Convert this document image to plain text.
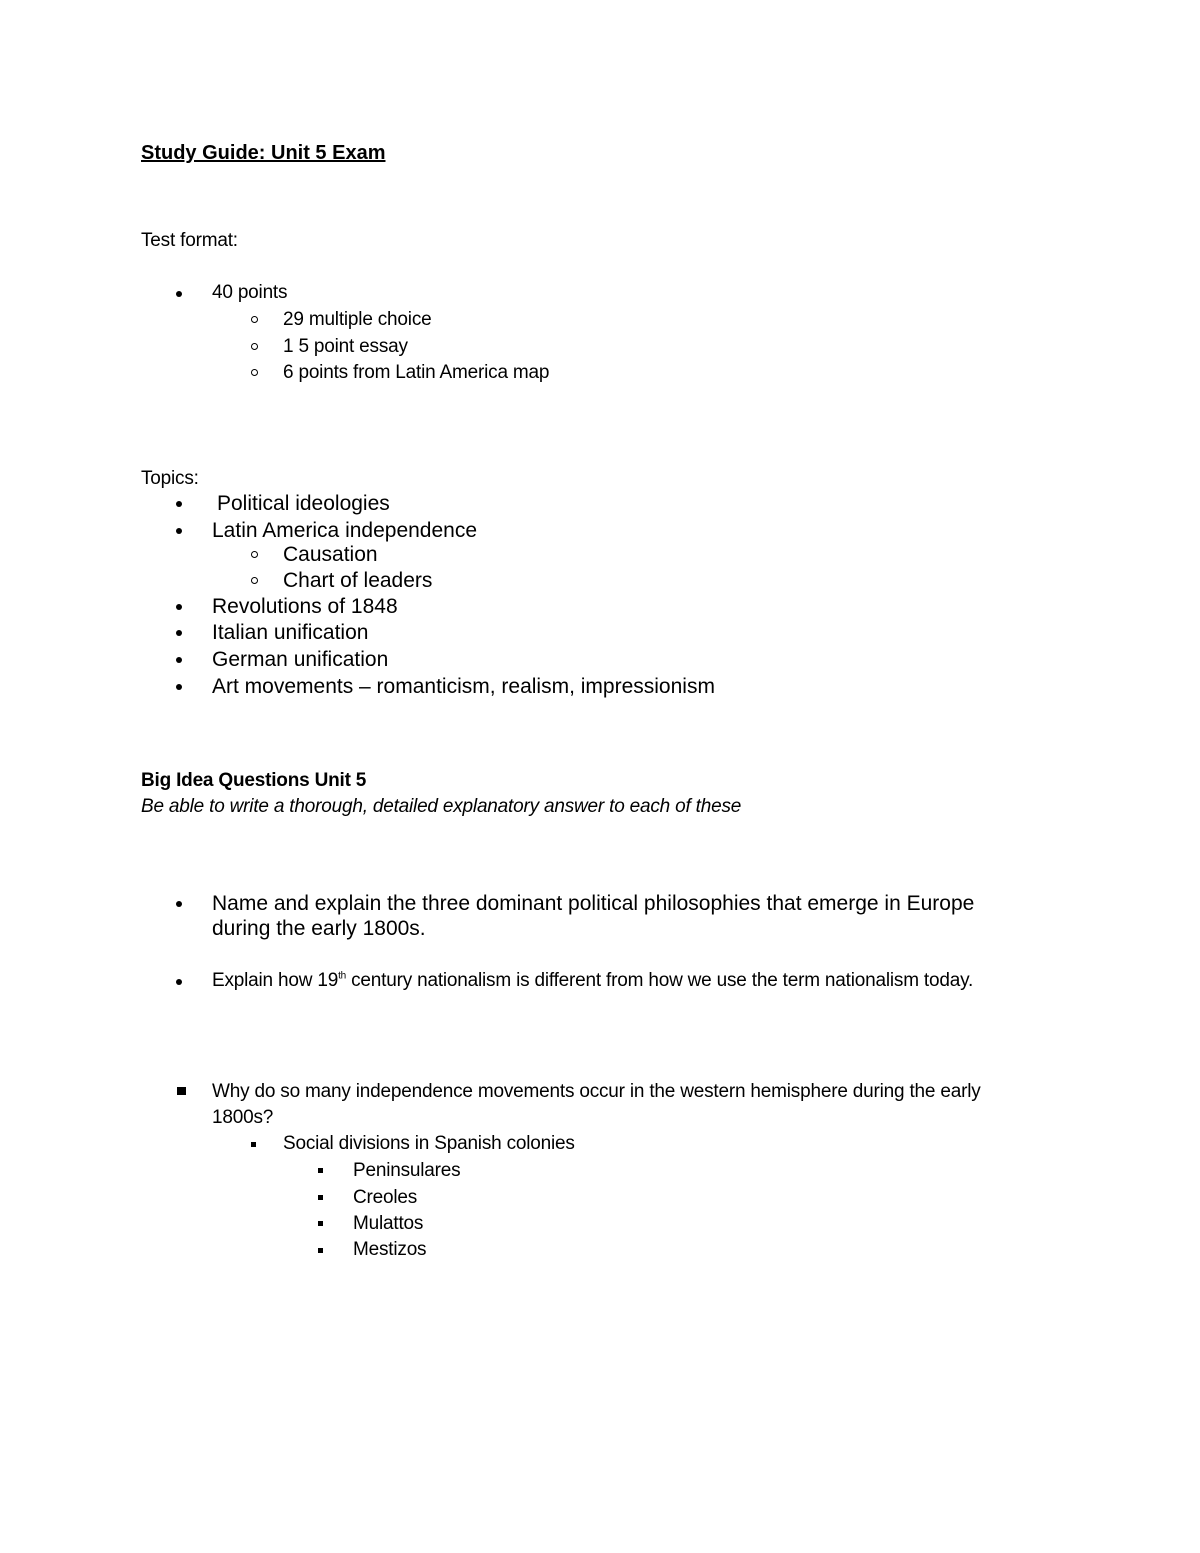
Study Guide: Unit 5 Exam
Test format:
40 points
29 multiple choice
1 5 point essay
6 points from Latin America map
Topics:
Political ideologies
Latin America independence
Causation
Chart of leaders
Revolutions of 1848
Italian unification
German unification
Art movements – romanticism, realism, impressionism
Big Idea Questions Unit 5
Be able to write a thorough, detailed explanatory answer to each of these
Name and explain the three dominant political philosophies that emerge in Europe
during the early 1800s.
Explain how 19th century nationalism is different from how we use the term nationalism today.
Why do so many independence movements occur in the western hemisphere during the early
1800s?
Social divisions in Spanish colonies
Peninsulares
Creoles
Mulattos
Mestizos
